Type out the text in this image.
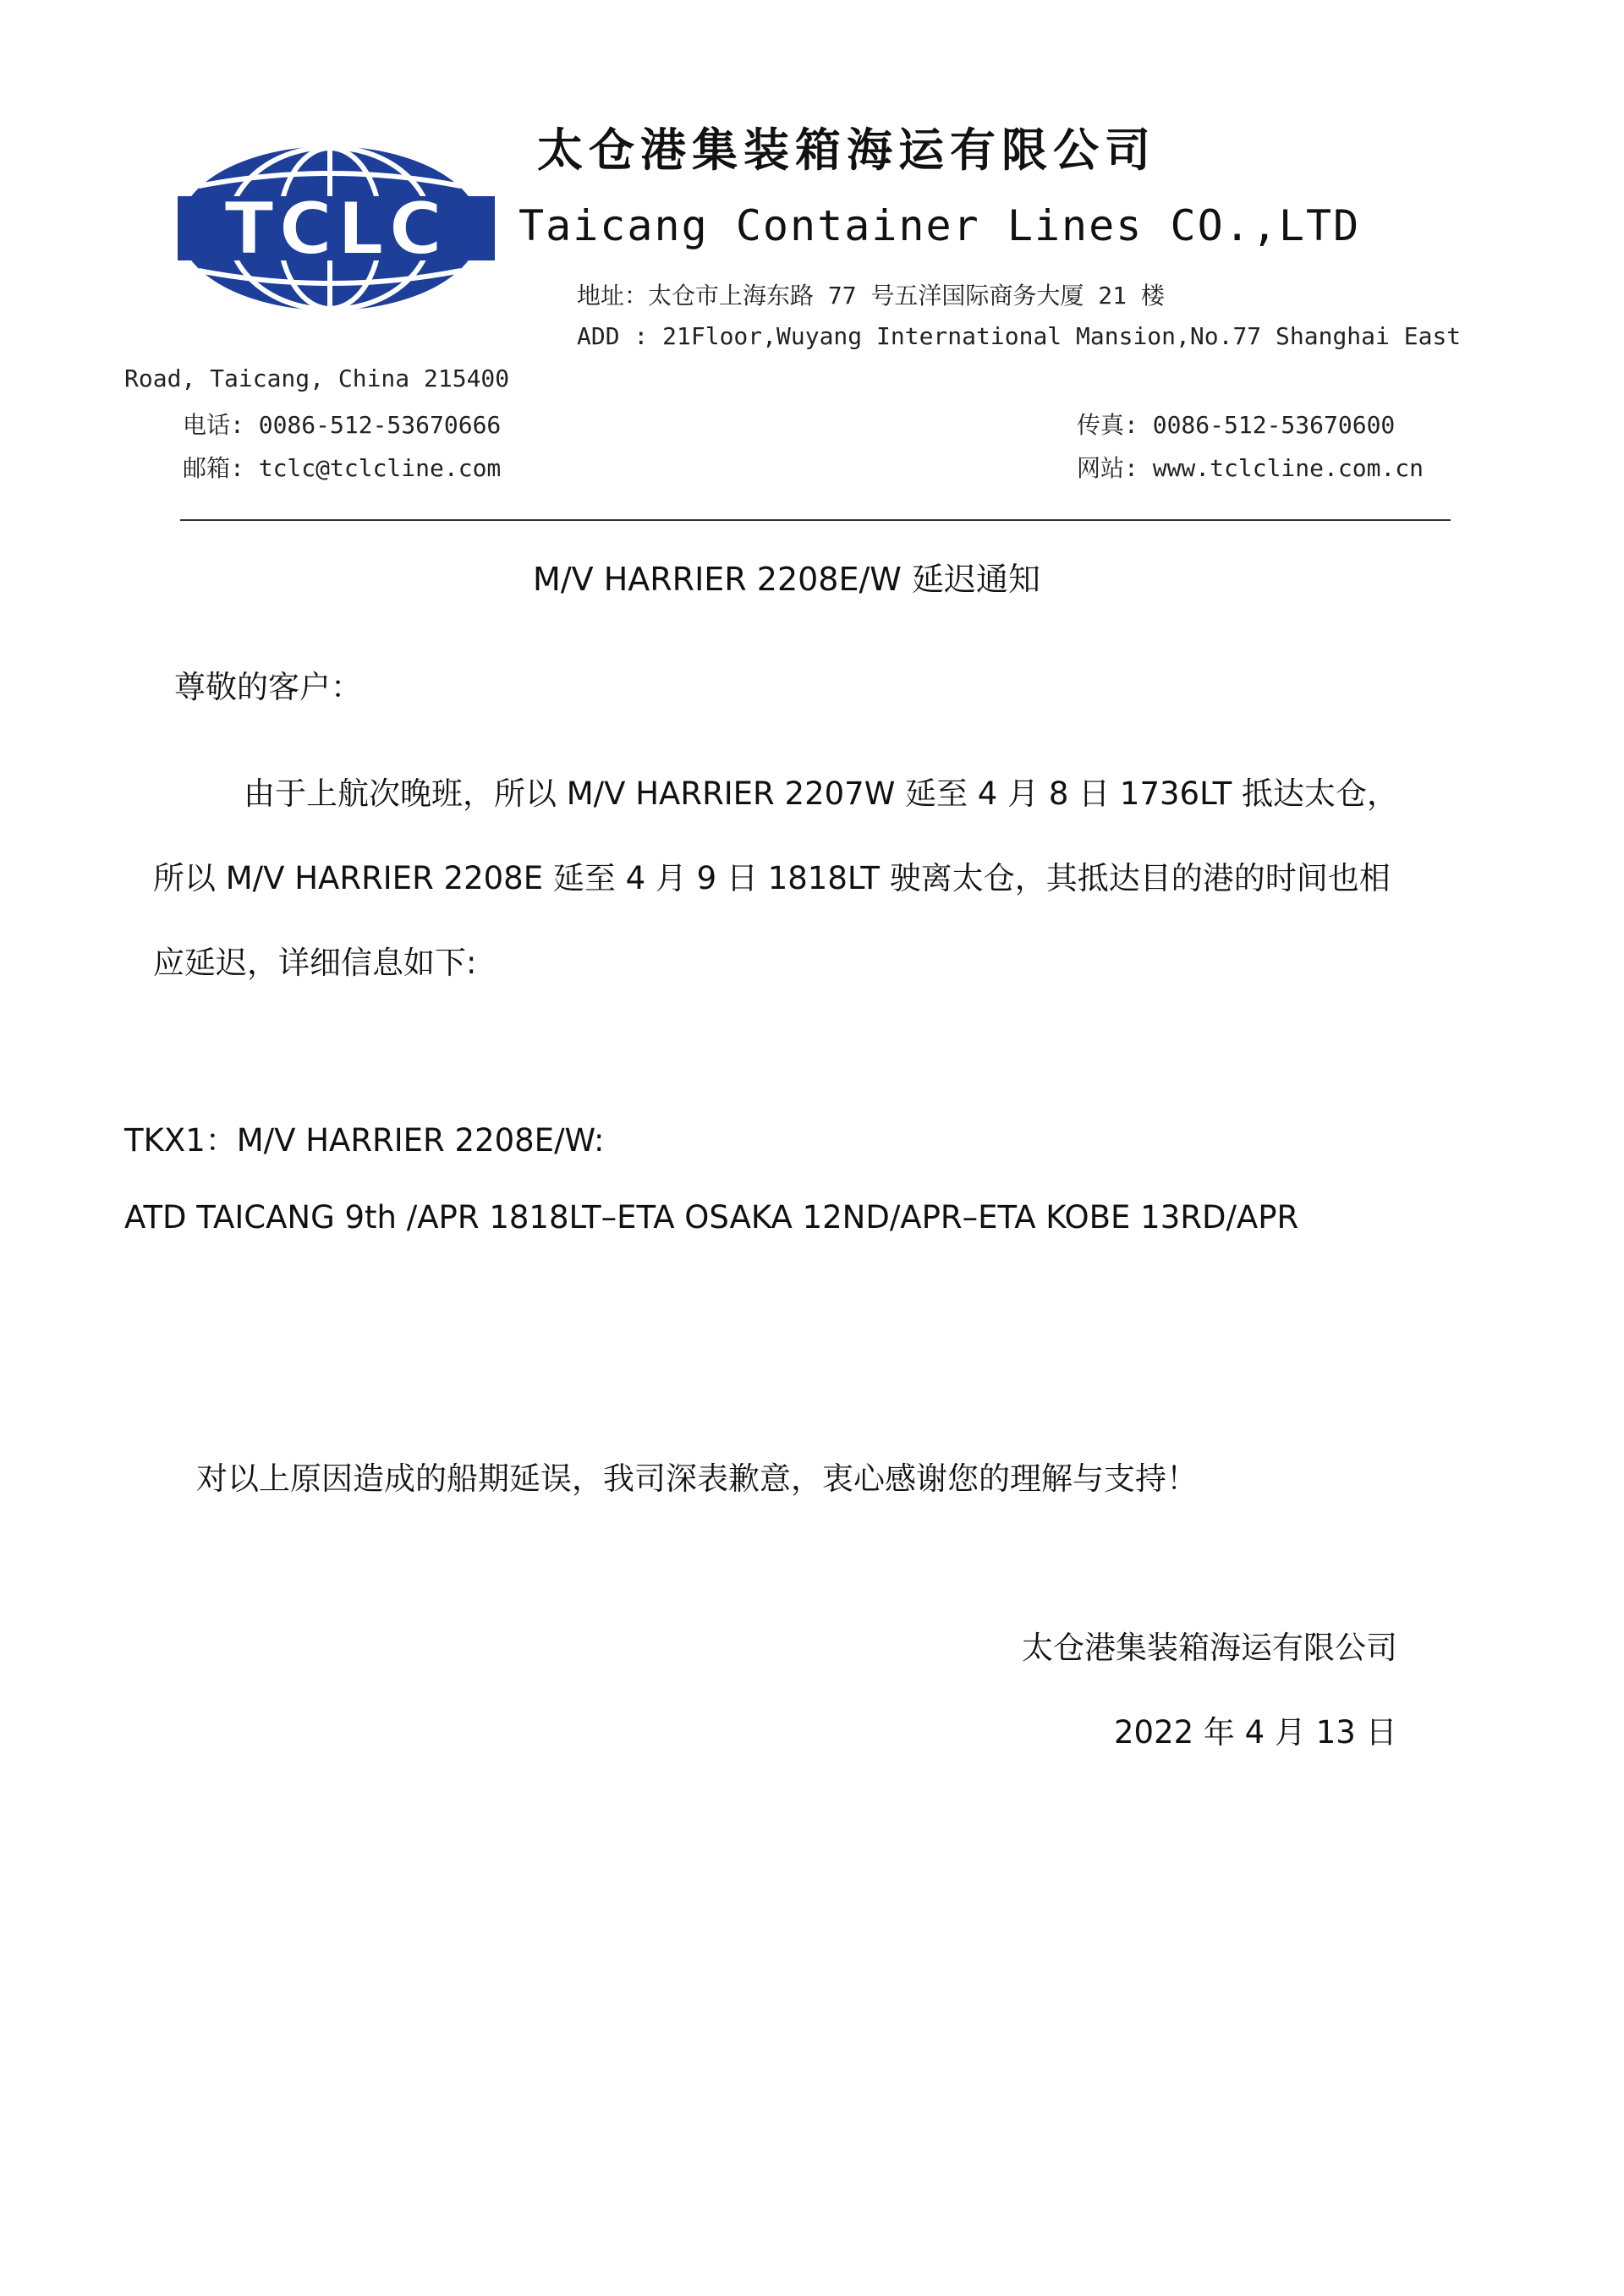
TCLC

太仓港集装箱海运有限公司

Taicang Container Lines CO.,LTD

地址：太仓市上海东路 77 号五洋国际商务大厦 21 楼

ADD : 21Floor,Wuyang International Mansion,No.77 Shanghai East

Road, Taicang, China 215400

电话: 0086-512-53670666	传真: 0086-512-53670600

邮箱: tclc@tclcline.com	网站: www.tclcline.com.cn

M/V HARRIER 2208E/W 延迟通知

尊敬的客户：

由于上航次晚班，所以 M/V HARRIER 2207W 延至 4 月 8 日 1736LT 抵达太仓，

所以 M/V HARRIER 2208E 延至 4 月 9 日 1818LT 驶离太仓，其抵达目的港的时间也相

应延迟，详细信息如下:

TKX1：M/V HARRIER 2208E/W:

ATD TAICANG 9th /APR 1818LT–ETA OSAKA 12ND/APR–ETA KOBE 13RD/APR

对以上原因造成的船期延误，我司深表歉意，衷心感谢您的理解与支持！

太仓港集装箱海运有限公司

2022 年 4 月 13 日
